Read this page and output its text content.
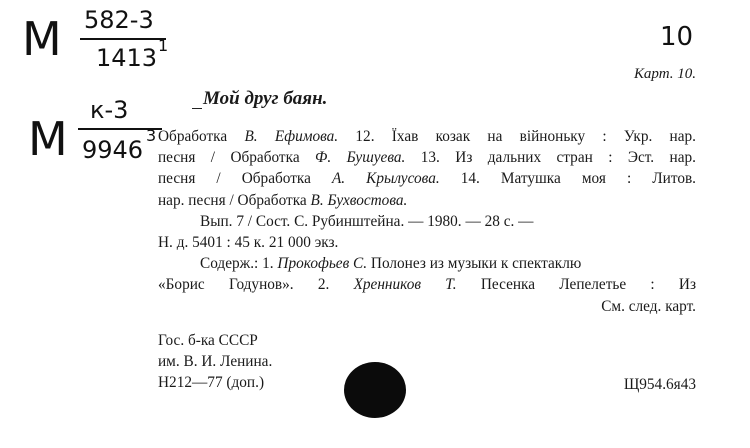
М 582-3
1413 1
М
к-3
9946
3
10
Карт. 10.
Мой друг баян.
Обработка В. Ефимова. 12. Їхав козак на війноньку : Укр. нар.
песня / Обработка Ф. Бушуева. 13. Из дальних стран : Эст. нар.
песня / Обработка А. Крылусова. 14. Матушка моя : Литов.
нар. песня / Обработка В. Бухвостова.
Вып. 7 / Сост. С. Рубинштейна. — 1980. — 28 с. —
Н. д. 5401 : 45 к. 21 000 экз.
Содерж.: 1. Прокофьев С. Полонез из музыки к спектаклю
«Борис Годунов». 2. Хренников Т. Песенка Лепелетье : Из
См. след. карт.
Гос. б-ка СССР
им. В. И. Ленина.
Н212—77 (доп.)	Щ954.6я43
